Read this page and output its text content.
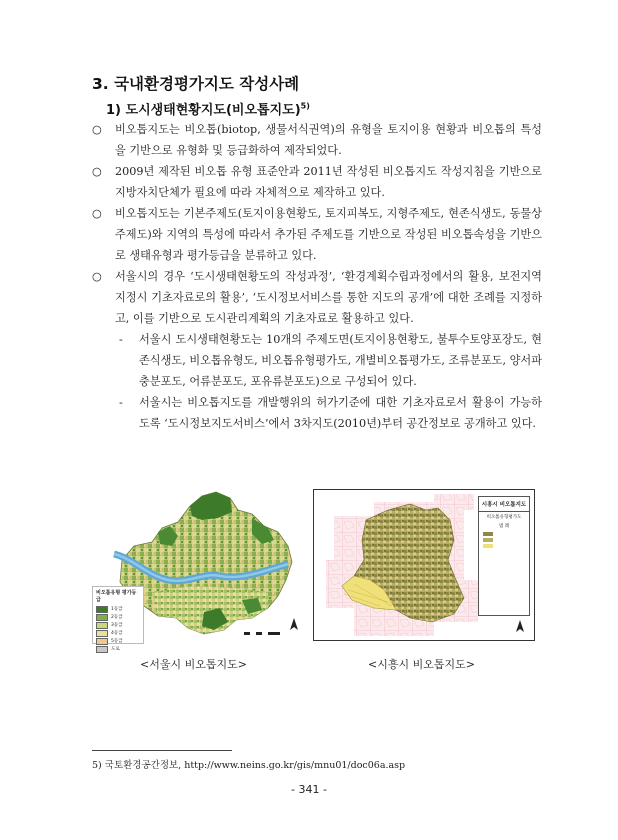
3. 국내환경평가지도 작성사례
1) 도시생태현황지도(비오톱지도)$^{5)}$
○ 비오톱지도는 비오톱(biotop, 생물서식권역)의 유형을 토지이용 현황과 비오톱의 특성을 기반으로 유형화 및 등급화하여 제작되었다.
○ 2009년 제작된 비오톱 유형 표준안과 2011년 작성된 비오톱지도 작성지침을 기반으로 지방자치단체가 필요에 따라 자체적으로 제작하고 있다.
○ 비오톱지도는 기본주제도(토지이용현황도, 토지피복도, 지형주제도, 현존식생도, 동물상주제도)와 지역의 특성에 따라서 추가된 주제도를 기반으로 작성된 비오톱속성을 기반으로 생태유형과 평가등급을 분류하고 있다.
○ 서울시의 경우 ‘도시생태현황도의 작성과정’, ‘환경계획수립과정에서의 활용, 보전지역지정시 기초자료로의 활용’, ‘도시정보서비스를 통한 지도의 공개’에 대한 조례를 지정하고, 이를 기반으로 도시관리계획의 기초자료로 활용하고 있다.
- 서울시 도시생태현황도는 10개의 주제도면(토지이용현황도, 불투수토양포장도, 현존식생도, 비오톱유형도, 비오톱유형평가도, 개별비오톱평가도, 조류분포도, 양서파충분포도, 어류분포도, 포유류분포도)으로 구성되어 있다.
- 서울시는 비오톱지도를 개발행위의 허가기준에 대한 기초자료로서 활용이 가능하도록 ‘도시정보지도서비스’에서 3차지도(2010년)부터 공간정보로 공개하고 있다.
비오톱유형 평가등급
1등급
2등급
3등급
4등급
5등급
도로
<서울시 비오톱지도>
시흥시 비오톱지도
비오톱유형평가도
범 례
<시흥시 비오톱지도>
5) 국토환경공간정보, http://www.neins.go.kr/gis/mnu01/doc06a.asp
- 341 -
